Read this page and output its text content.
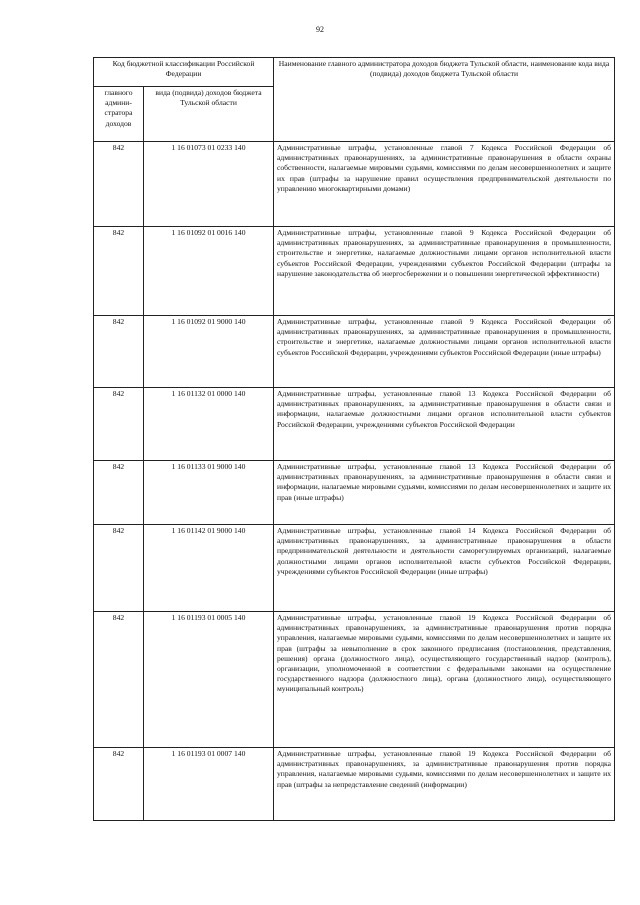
92
Код бюджетной классификации Российской Федерации		Наименование главного администратора доходов бюджета Тульской области, наименование кода вида (подвида) доходов бюджета Тульской области
главного админи-стратора доходов	вида (подвида) доходов бюджета Тульской области	
842	1 16 01073 01 0233 140	Административные штрафы, установленные главой 7 Кодекса Российской Федерации об административных правонарушениях, за административные правонарушения в области охраны собственности, налагаемые мировыми судьями, комиссиями по делам несовершеннолетних и защите их прав (штрафы за нарушение правил осуществления предпринимательской деятельности по управлению многоквартирными домами)
842	1 16 01092 01 0016 140	Административные штрафы, установленные главой 9 Кодекса Российской Федерации об административных правонарушениях, за административные правонарушения в промышленности, строительстве и энергетике, налагаемые должностными лицами органов исполнительной власти субъектов Российской Федерации, учреждениями субъектов Российской Федерации (штрафы за нарушение законодательства об энергосбережении и о повышении энергетической эффективности)
842	1 16 01092 01 9000 140	Административные штрафы, установленные главой 9 Кодекса Российской Федерации об административных правонарушениях, за административные правонарушения в промышленности, строительстве и энергетике, налагаемые должностными лицами органов исполнительной власти субъектов Российской Федерации, учреждениями субъектов Российской Федерации (иные штрафы)
842	1 16 01132 01 0000 140	Административные штрафы, установленные главой 13 Кодекса Российской Федерации об административных правонарушениях, за административные правонарушения в области связи и информации, налагаемые должностными лицами органов исполнительной власти субъектов Российской Федерации, учреждениями субъектов Российской Федерации
842	1 16 01133 01 9000 140	Административные штрафы, установленные главой 13 Кодекса Российской Федерации об административных правонарушениях, за административные правонарушения в области связи и информации, налагаемые мировыми судьями, комиссиями по делам несовершеннолетних и защите их прав (иные штрафы)
842	1 16 01142 01 9000 140	Административные штрафы, установленные главой 14 Кодекса Российской Федерации об административных правонарушениях, за административные правонарушения в области предпринимательской деятельности и деятельности саморегулируемых организаций, налагаемые должностными лицами органов исполнительной власти субъектов Российской Федерации, учреждениями субъектов Российской Федерации (иные штрафы)
842	1 16 01193 01 0005 140	Административные штрафы, установленные главой 19 Кодекса Российской Федерации об административных правонарушениях, за административные правонарушения против порядка управления, налагаемые мировыми судьями, комиссиями по делам несовершеннолетних и защите их прав (штрафы за невыполнение в срок законного предписания (постановления, представления, решения) органа (должностного лица), осуществляющего государственный надзор (контроль), организации, уполномоченной в соответствии с федеральными законами на осуществление государственного надзора (должностного лица), органа (должностного лица), осуществляющего муниципальный контроль)
842	1 16 01193 01 0007 140	Административные штрафы, установленные главой 19 Кодекса Российской Федерации об административных правонарушениях, за административные правонарушения против порядка управления, налагаемые мировыми судьями, комиссиями по делам несовершеннолетних и защите их прав (штрафы за непредставление сведений (информации)
